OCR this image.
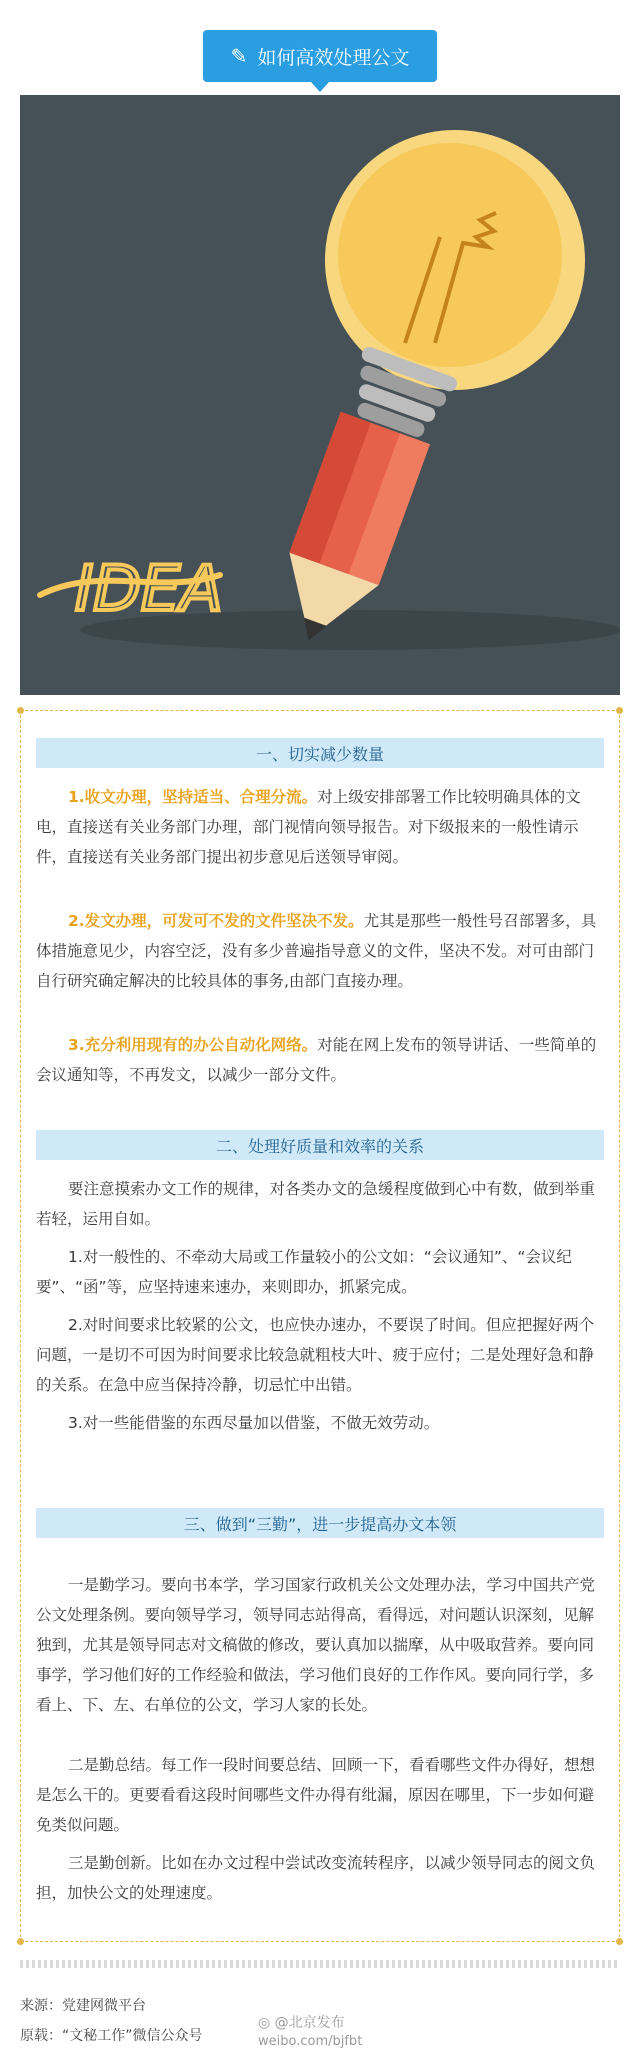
✎ 如何高效处理公文
IDEA
一、切实减少数量

1.收文办理，坚持适当、合理分流。对上级安排部署工作比较明确具体的文电，直接送有关业务部门办理，部门视情向领导报告。对下级报来的一般性请示件，直接送有关业务部门提出初步意见后送领导审阅。

2.发文办理，可发可不发的文件坚决不发。尤其是那些一般性号召部署多，具体措施意见少，内容空泛，没有多少普遍指导意义的文件，坚决不发。对可由部门自行研究确定解决的比较具体的事务,由部门直接办理。

3.充分利用现有的办公自动化网络。对能在网上发布的领导讲话、一些简单的会议通知等，不再发文，以减少一部分文件。

二、处理好质量和效率的关系

要注意摸索办文工作的规律，对各类办文的急缓程度做到心中有数，做到举重若轻，运用自如。

1.对一般性的、不牵动大局或工作量较小的公文如：“会议通知”、“会议纪要”、“函”等，应坚持速来速办，来则即办，抓紧完成。

2.对时间要求比较紧的公文，也应快办速办，不要误了时间。但应把握好两个问题，一是切不可因为时间要求比较急就粗枝大叶、疲于应付；二是处理好急和静的关系。在急中应当保持冷静，切忌忙中出错。

3.对一些能借鉴的东西尽量加以借鉴，不做无效劳动。

三、做到“三勤”，进一步提高办文本领

一是勤学习。要向书本学，学习国家行政机关公文处理办法，学习中国共产党公文处理条例。要向领导学习，领导同志站得高，看得远，对问题认识深刻，见解独到，尤其是领导同志对文稿做的修改，要认真加以揣摩，从中吸取营养。要向同事学，学习他们好的工作经验和做法，学习他们良好的工作作风。要向同行学，多看上、下、左、右单位的公文，学习人家的长处。

二是勤总结。每工作一段时间要总结、回顾一下，看看哪些文件办得好，想想是怎么干的。更要看看这段时间哪些文件办得有纰漏，原因在哪里，下一步如何避免类似问题。

三是勤创新。比如在办文过程中尝试改变流转程序，以减少领导同志的阅文负担，加快公文的处理速度。

来源：党建网微平台
原载：“文秘工作”微信公众号
◎ @北京发布
weibo.com/bjfbt
